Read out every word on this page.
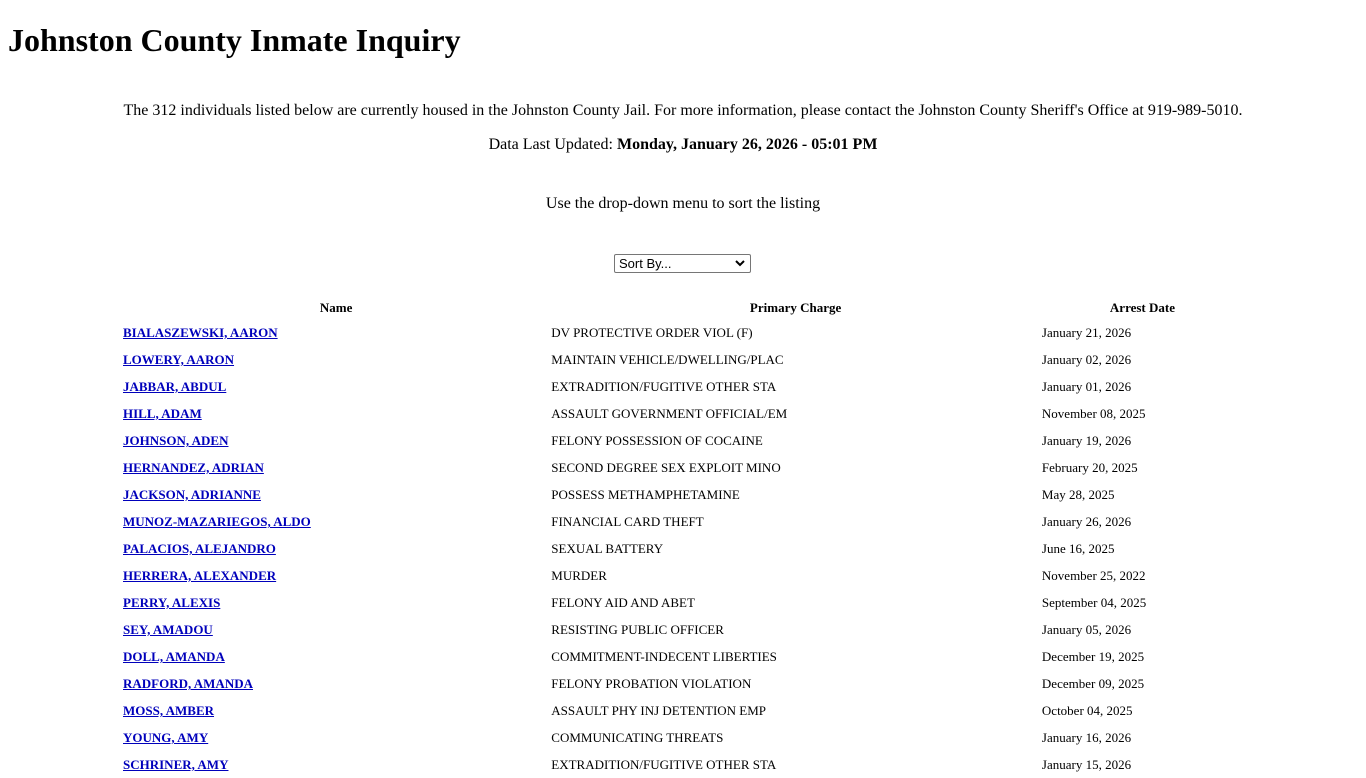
Johnston County Inmate Inquiry

The 312 individuals listed below are currently housed in the Johnston County Jail. For more information, please contact the Johnston County Sheriff's Office at 919-989-5010.

Data Last Updated: Monday, January 26, 2026 - 05:01 PM

Use the drop-down menu to sort the listing

Sort By...
Name	Primary Charge	Arrest Date
BIALASZEWSKI, AARON	DV PROTECTIVE ORDER VIOL (F)	January 21, 2026
LOWERY, AARON	MAINTAIN VEHICLE/DWELLING/PLAC	January 02, 2026
JABBAR, ABDUL	EXTRADITION/FUGITIVE OTHER STA	January 01, 2026
HILL, ADAM	ASSAULT GOVERNMENT OFFICIAL/EM	November 08, 2025
JOHNSON, ADEN	FELONY POSSESSION OF COCAINE	January 19, 2026
HERNANDEZ, ADRIAN	SECOND DEGREE SEX EXPLOIT MINO	February 20, 2025
JACKSON, ADRIANNE	POSSESS METHAMPHETAMINE	May 28, 2025
MUNOZ-MAZARIEGOS, ALDO	FINANCIAL CARD THEFT	January 26, 2026
PALACIOS, ALEJANDRO	SEXUAL BATTERY	June 16, 2025
HERRERA, ALEXANDER	MURDER	November 25, 2022
PERRY, ALEXIS	FELONY AID AND ABET	September 04, 2025
SEY, AMADOU	RESISTING PUBLIC OFFICER	January 05, 2026
DOLL, AMANDA	COMMITMENT-INDECENT LIBERTIES	December 19, 2025
RADFORD, AMANDA	FELONY PROBATION VIOLATION	December 09, 2025
MOSS, AMBER	ASSAULT PHY INJ DETENTION EMP	October 04, 2025
YOUNG, AMY	COMMUNICATING THREATS	January 16, 2026
SCHRINER, AMY	EXTRADITION/FUGITIVE OTHER STA	January 15, 2026
